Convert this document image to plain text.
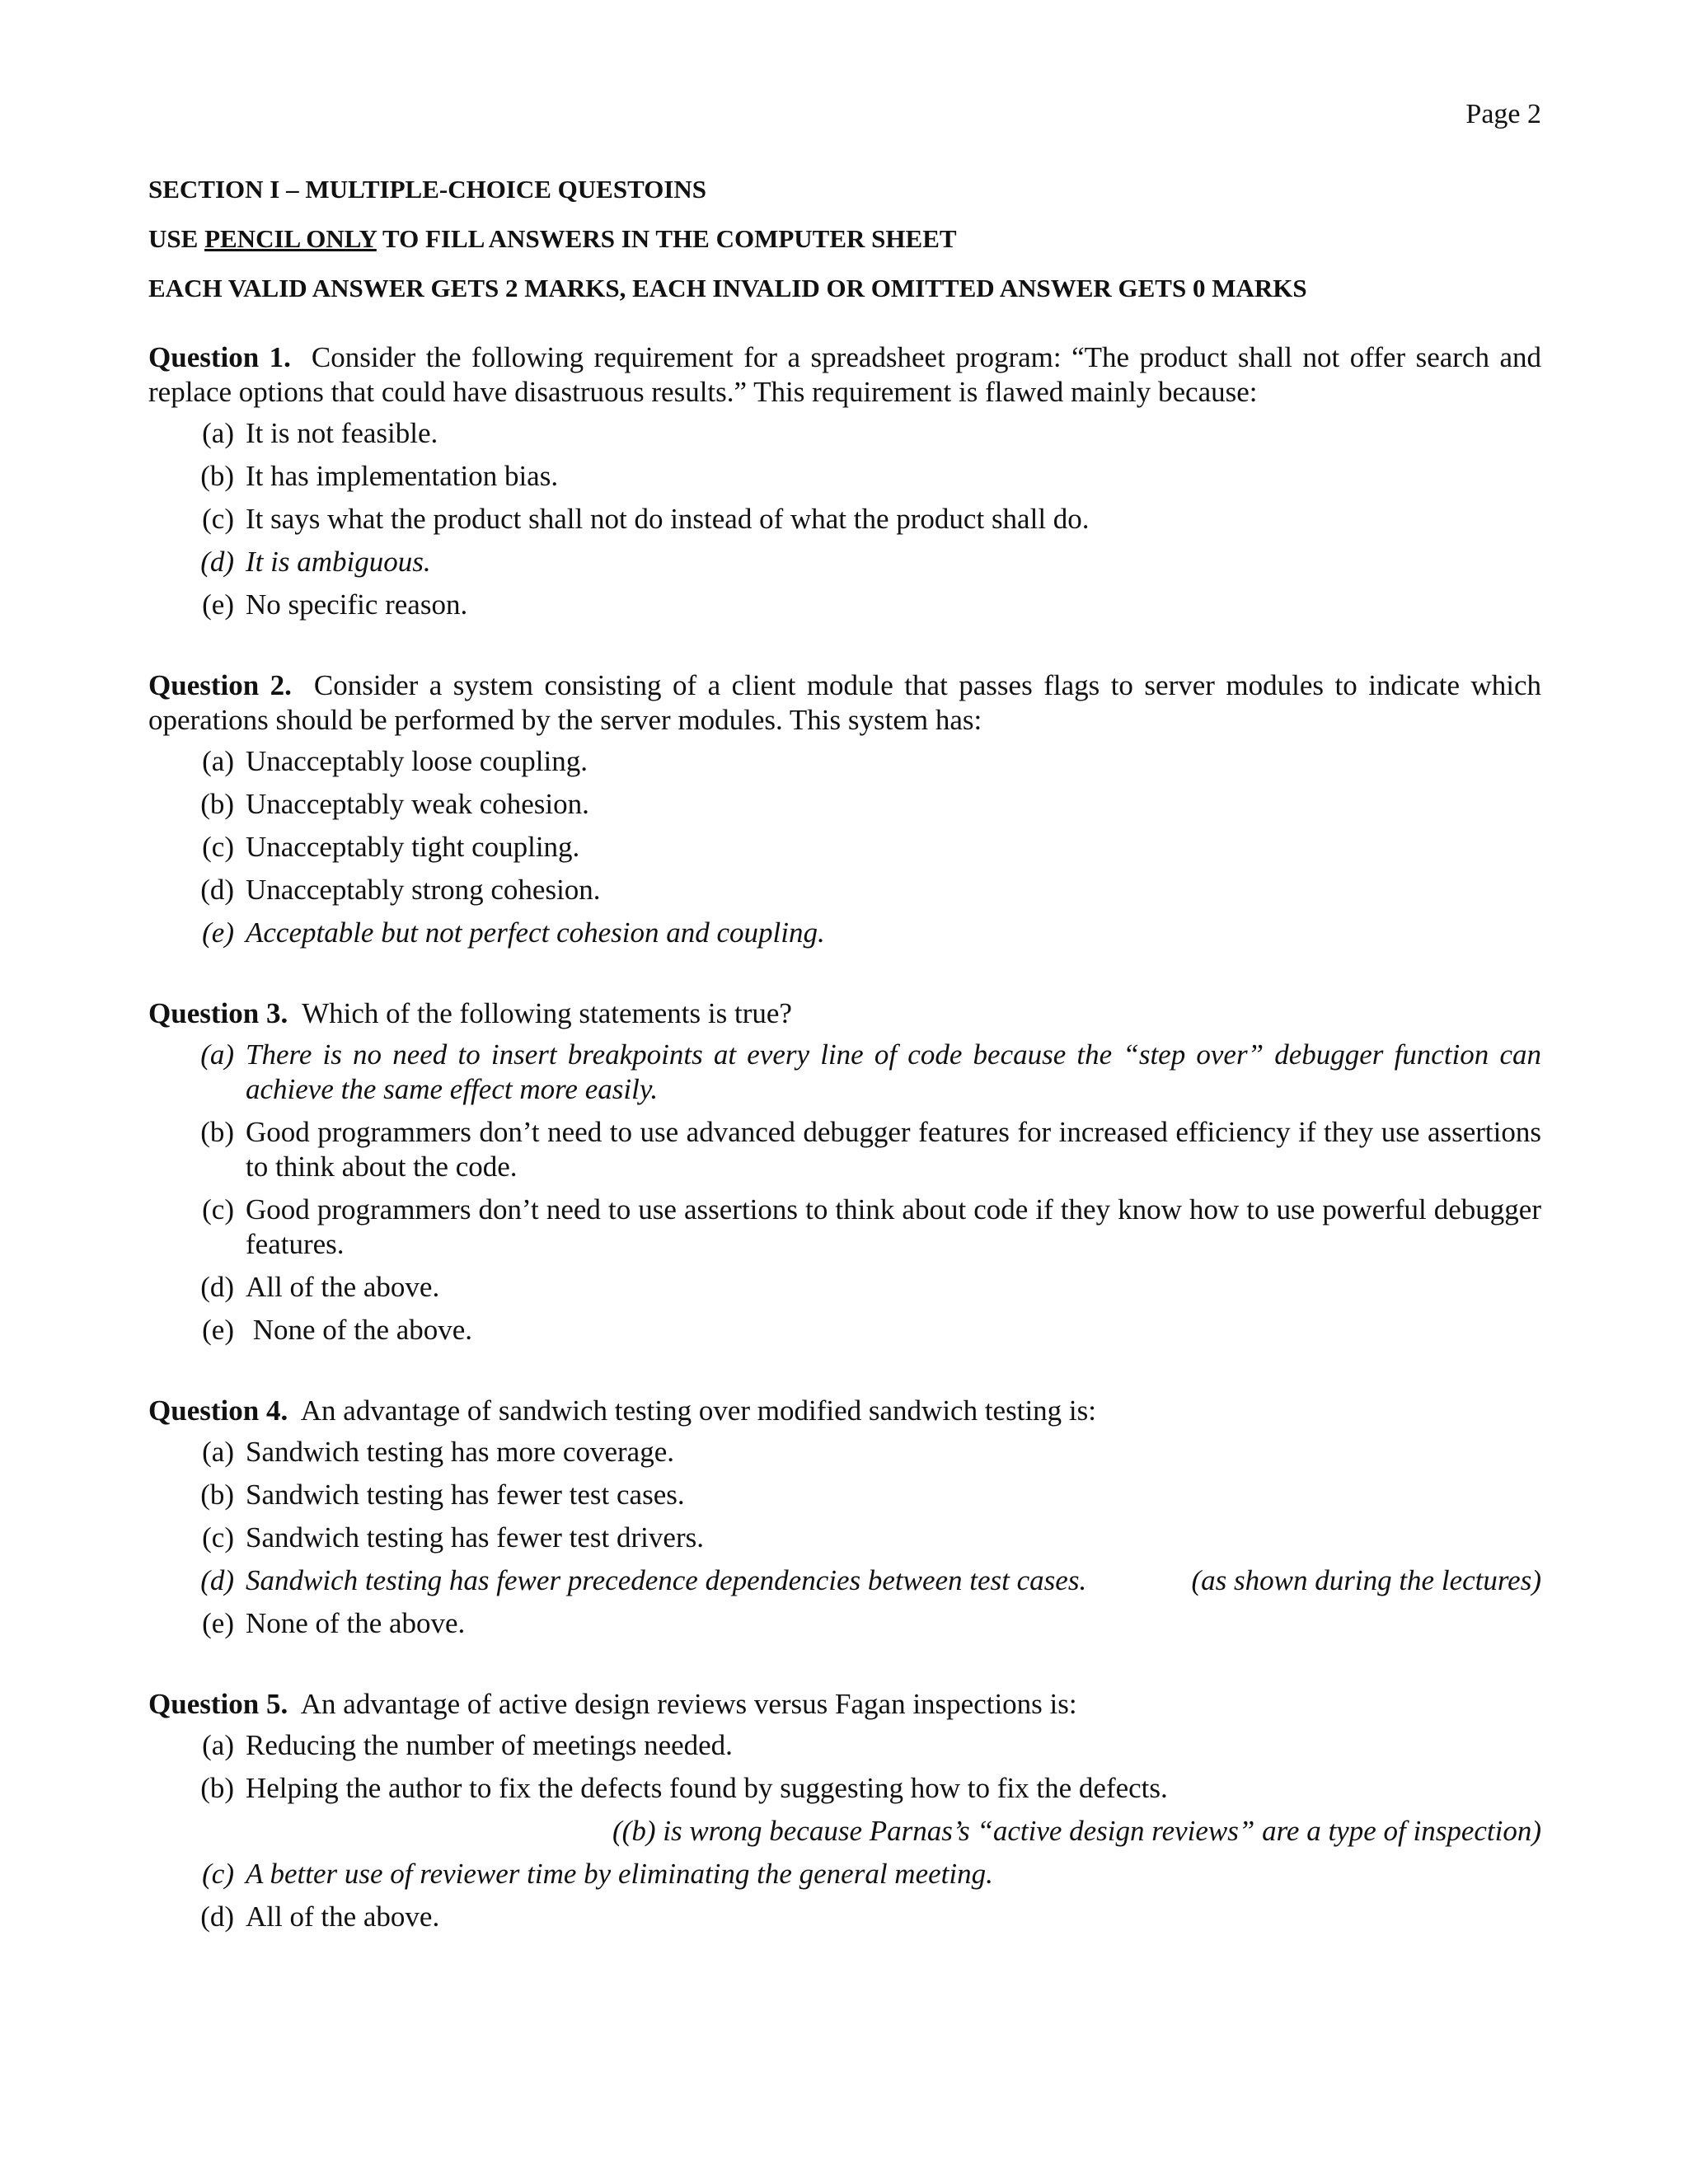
Page 2
SECTION I – MULTIPLE-CHOICE QUESTOINS
USE PENCIL ONLY TO FILL ANSWERS IN THE COMPUTER SHEET
EACH VALID ANSWER GETS 2 MARKS, EACH INVALID OR OMITTED ANSWER GETS 0 MARKS

Question 1. Consider the following requirement for a spreadsheet program: “The product shall not offer search and replace options that could have disastruous results.” This requirement is flawed mainly because:

(a) It is not feasible.
(b) It has implementation bias.
(c) It says what the product shall not do instead of what the product shall do.
(d) It is ambiguous.
(e) No specific reason.

Question 2. Consider a system consisting of a client module that passes flags to server modules to indicate which operations should be performed by the server modules. This system has:

(a) Unacceptably loose coupling.
(b) Unacceptably weak cohesion.
(c) Unacceptably tight coupling.
(d) Unacceptably strong cohesion.
(e) Acceptable but not perfect cohesion and coupling.

Question 3. Which of the following statements is true?

(a) There is no need to insert breakpoints at every line of code because the “step over” debugger function can achieve the same effect more easily.
(b) Good programmers don’t need to use advanced debugger features for increased efficiency if they use assertions to think about the code.
(c) Good programmers don’t need to use assertions to think about code if they know how to use powerful debugger features.
(d) All of the above.
(e) None of the above.

Question 4. An advantage of sandwich testing over modified sandwich testing is:

(a) Sandwich testing has more coverage.
(b) Sandwich testing has fewer test cases.
(c) Sandwich testing has fewer test drivers.
(d) Sandwich testing has fewer precedence dependencies between test cases.	(as shown during the lectures)
(e) None of the above.

Question 5. An advantage of active design reviews versus Fagan inspections is:

(a) Reducing the number of meetings needed.
(b) Helping the author to fix the defects found by suggesting how to fix the defects.

((b) is wrong because Parnas’s “active design reviews” are a type of inspection)

(c) A better use of reviewer time by eliminating the general meeting.
(d) All of the above.
